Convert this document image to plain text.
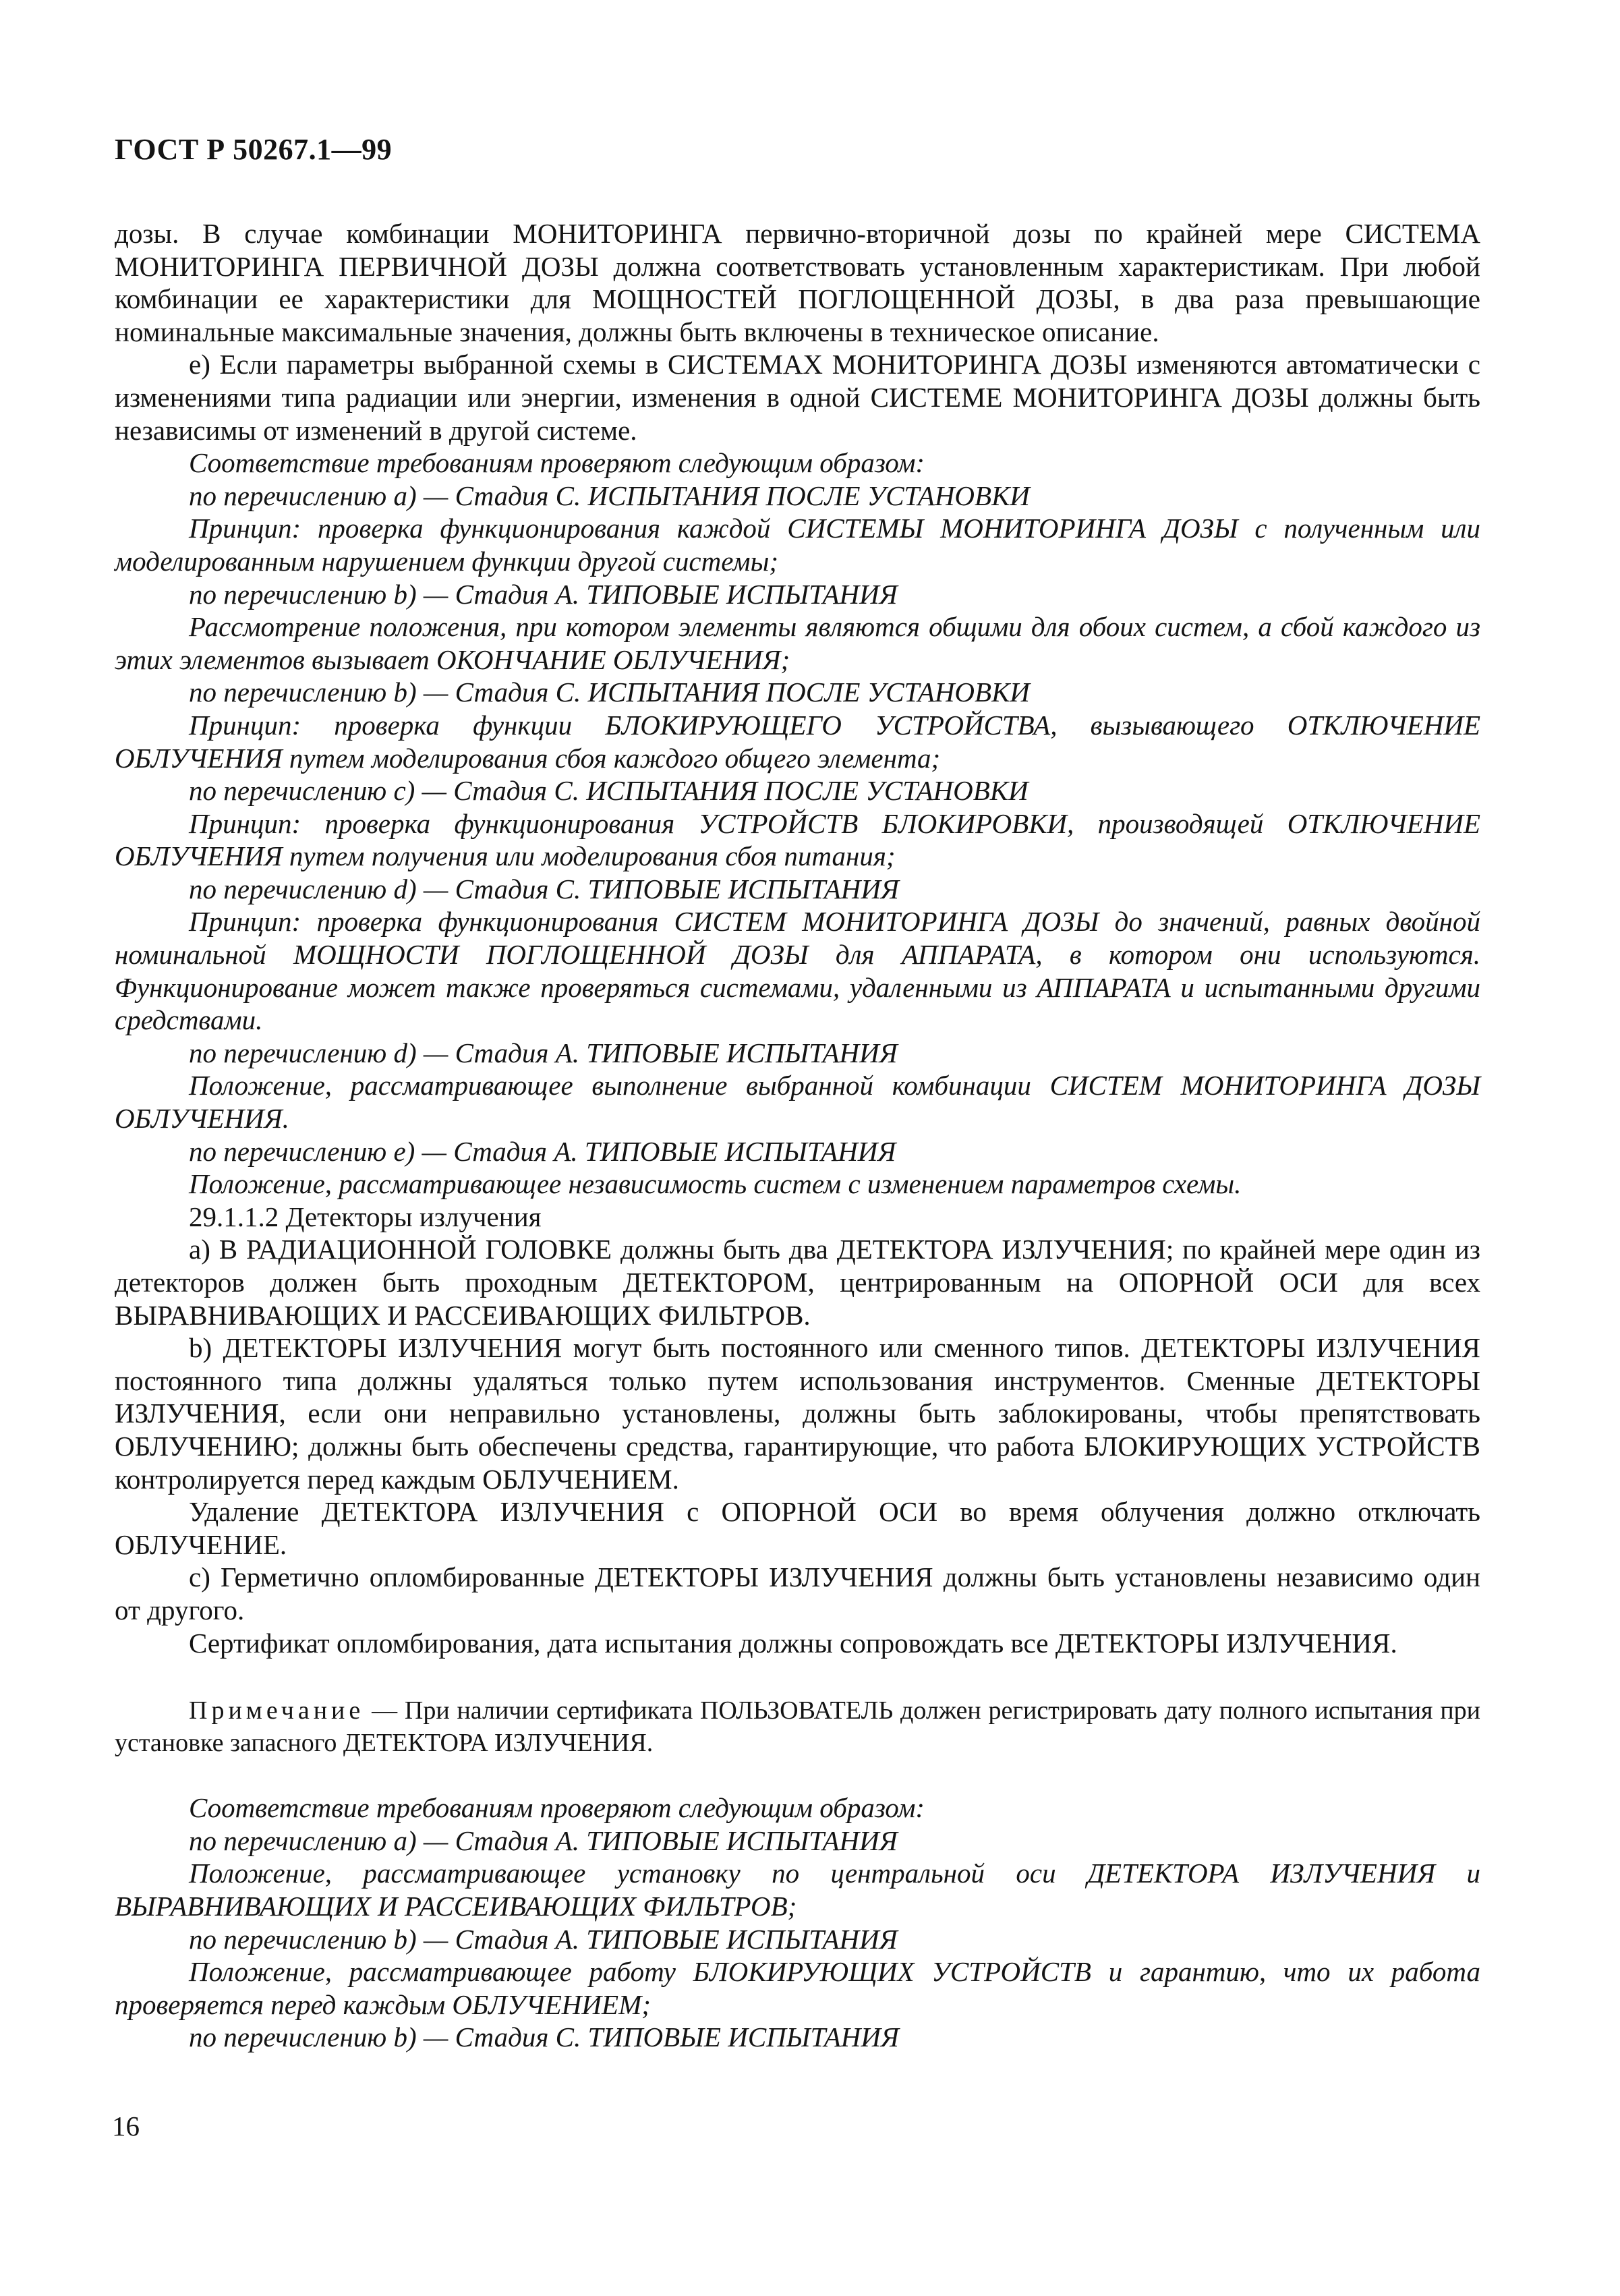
ГОСТ Р 50267.1—99

дозы. В случае комбинации МОНИТОРИНГА первично-вторичной дозы по крайней мере СИСТЕМА МОНИТОРИНГА ПЕРВИЧНОЙ ДОЗЫ должна соответствовать установленным характеристикам. При любой комбинации ее характеристики для МОЩНОСТЕЙ ПОГЛОЩЕННОЙ ДОЗЫ, в два раза превышающие номинальные максимальные значения, должны быть включены в техническое описание.

е) Если параметры выбранной схемы в СИСТЕМАХ МОНИТОРИНГА ДОЗЫ изменяются автоматически с изменениями типа радиации или энергии, изменения в одной СИСТЕМЕ МОНИТОРИНГА ДОЗЫ должны быть независимы от изменений в другой системе.

Соответствие требованиям проверяют следующим образом:

по перечислению а) — Стадия С. ИСПЫТАНИЯ ПОСЛЕ УСТАНОВКИ

Принцип: проверка функционирования каждой СИСТЕМЫ МОНИТОРИНГА ДОЗЫ с полученным или моделированным нарушением функции другой системы;

по перечислению b) — Стадия А. ТИПОВЫЕ ИСПЫТАНИЯ

Рассмотрение положения, при котором элементы являются общими для обоих систем, а сбой каждого из этих элементов вызывает ОКОНЧАНИЕ ОБЛУЧЕНИЯ;

по перечислению b) — Стадия С. ИСПЫТАНИЯ ПОСЛЕ УСТАНОВКИ

Принцип: проверка функции БЛОКИРУЮЩЕГО УСТРОЙСТВА, вызывающего ОТКЛЮЧЕНИЕ ОБЛУЧЕНИЯ путем моделирования сбоя каждого общего элемента;

по перечислению с) — Стадия С. ИСПЫТАНИЯ ПОСЛЕ УСТАНОВКИ

Принцип: проверка функционирования УСТРОЙСТВ БЛОКИРОВКИ, производящей ОТКЛЮЧЕНИЕ ОБЛУЧЕНИЯ путем получения или моделирования сбоя питания;

по перечислению d) — Стадия С. ТИПОВЫЕ ИСПЫТАНИЯ

Принцип: проверка функционирования СИСТЕМ МОНИТОРИНГА ДОЗЫ до значений, равных двойной номинальной МОЩНОСТИ ПОГЛОЩЕННОЙ ДОЗЫ для АППАРАТА, в котором они используются. Функционирование может также проверяться системами, удаленными из АППАРАТА и испытанными другими средствами.

по перечислению d) — Стадия А. ТИПОВЫЕ ИСПЫТАНИЯ

Положение, рассматривающее выполнение выбранной комбинации СИСТЕМ МОНИТОРИНГА ДОЗЫ ОБЛУЧЕНИЯ.

по перечислению е) — Стадия А. ТИПОВЫЕ ИСПЫТАНИЯ

Положение, рассматривающее независимость систем с изменением параметров схемы.

29.1.1.2 Детекторы излучения

а) В РАДИАЦИОННОЙ ГОЛОВКЕ должны быть два ДЕТЕКТОРА ИЗЛУЧЕНИЯ; по крайней мере один из детекторов должен быть проходным ДЕТЕКТОРОМ, центрированным на ОПОРНОЙ ОСИ для всех ВЫРАВНИВАЮЩИХ И РАССЕИВАЮЩИХ ФИЛЬТРОВ.

b) ДЕТЕКТОРЫ ИЗЛУЧЕНИЯ могут быть постоянного или сменного типов. ДЕТЕКТОРЫ ИЗЛУЧЕНИЯ постоянного типа должны удаляться только путем использования инструментов. Сменные ДЕТЕКТОРЫ ИЗЛУЧЕНИЯ, если они неправильно установлены, должны быть заблокированы, чтобы препятствовать ОБЛУЧЕНИЮ; должны быть обеспечены средства, гарантирующие, что работа БЛОКИРУЮЩИХ УСТРОЙСТВ контролируется перед каждым ОБЛУЧЕНИЕМ.

Удаление ДЕТЕКТОРА ИЗЛУЧЕНИЯ с ОПОРНОЙ ОСИ во время облучения должно отключать ОБЛУЧЕНИЕ.

с) Герметично опломбированные ДЕТЕКТОРЫ ИЗЛУЧЕНИЯ должны быть установлены независимо один от другого.

Сертификат опломбирования, дата испытания должны сопровождать все ДЕТЕКТОРЫ ИЗЛУЧЕНИЯ.

Примечание — При наличии сертификата ПОЛЬЗОВАТЕЛЬ должен регистрировать дату полного испытания при установке запасного ДЕТЕКТОРА ИЗЛУЧЕНИЯ.

Соответствие требованиям проверяют следующим образом:

по перечислению а) — Стадия А. ТИПОВЫЕ ИСПЫТАНИЯ

Положение, рассматривающее установку по центральной оси ДЕТЕКТОРА ИЗЛУЧЕНИЯ и ВЫРАВНИВАЮЩИХ И РАССЕИВАЮЩИХ ФИЛЬТРОВ;

по перечислению b) — Стадия А. ТИПОВЫЕ ИСПЫТАНИЯ

Положение, рассматривающее работу БЛОКИРУЮЩИХ УСТРОЙСТВ и гарантию, что их работа проверяется перед каждым ОБЛУЧЕНИЕМ;

по перечислению b) — Стадия С. ТИПОВЫЕ ИСПЫТАНИЯ

16
